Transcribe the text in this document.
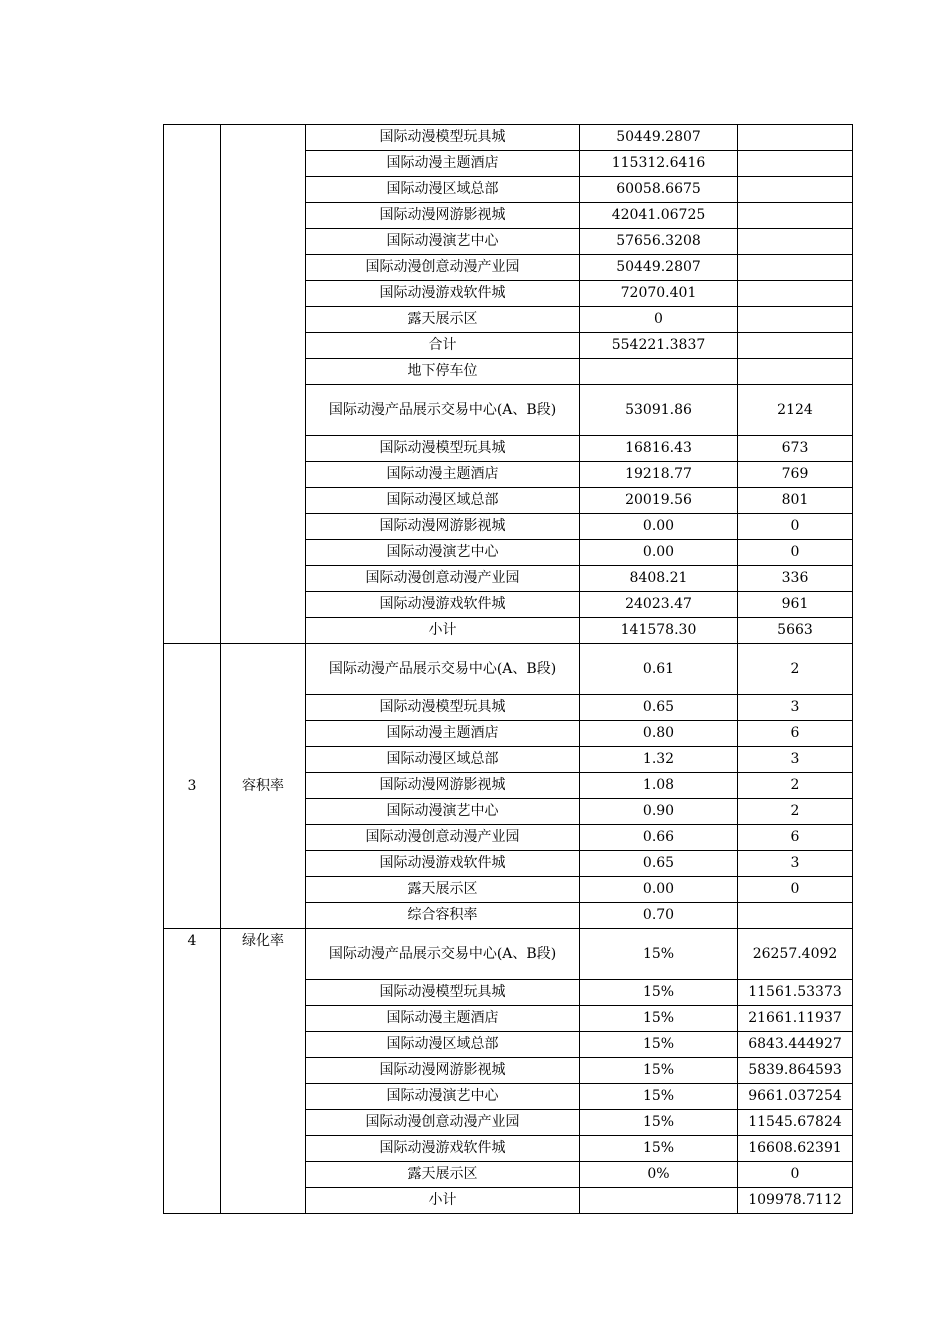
		国际动漫模型玩具城	50449.2807	
		国际动漫主题酒店	115312.6416	
		国际动漫区域总部	60058.6675	
		国际动漫网游影视城	42041.06725	
		国际动漫演艺中心	57656.3208	
		国际动漫创意动漫产业园	50449.2807	
		国际动漫游戏软件城	72070.401	
		露天展示区	0	
		合计	554221.3837	
		地下停车位		
		国际动漫产品展示交易中心(A、B段)	53091.86	2124
		国际动漫模型玩具城	16816.43	673
		国际动漫主题酒店	19218.77	769
		国际动漫区域总部	20019.56	801
		国际动漫网游影视城	0.00	0
		国际动漫演艺中心	0.00	0
		国际动漫创意动漫产业园	8408.21	336
		国际动漫游戏软件城	24023.47	961
		小计	141578.30	5663
3	容积率	国际动漫产品展示交易中心(A、B段)	0.61	2
		国际动漫模型玩具城	0.65	3
		国际动漫主题酒店	0.80	6
		国际动漫区域总部	1.32	3
		国际动漫网游影视城	1.08	2
		国际动漫演艺中心	0.90	2
		国际动漫创意动漫产业园	0.66	6
		国际动漫游戏软件城	0.65	3
		露天展示区	0.00	0
		综合容积率	0.70	
4	绿化率	国际动漫产品展示交易中心(A、B段)	15%	26257.4092
		国际动漫模型玩具城	15%	11561.53373
		国际动漫主题酒店	15%	21661.11937
		国际动漫区域总部	15%	6843.444927
		国际动漫网游影视城	15%	5839.864593
		国际动漫演艺中心	15%	9661.037254
		国际动漫创意动漫产业园	15%	11545.67824
		国际动漫游戏软件城	15%	16608.62391
		露天展示区	0%	0
		小计		109978.7112
